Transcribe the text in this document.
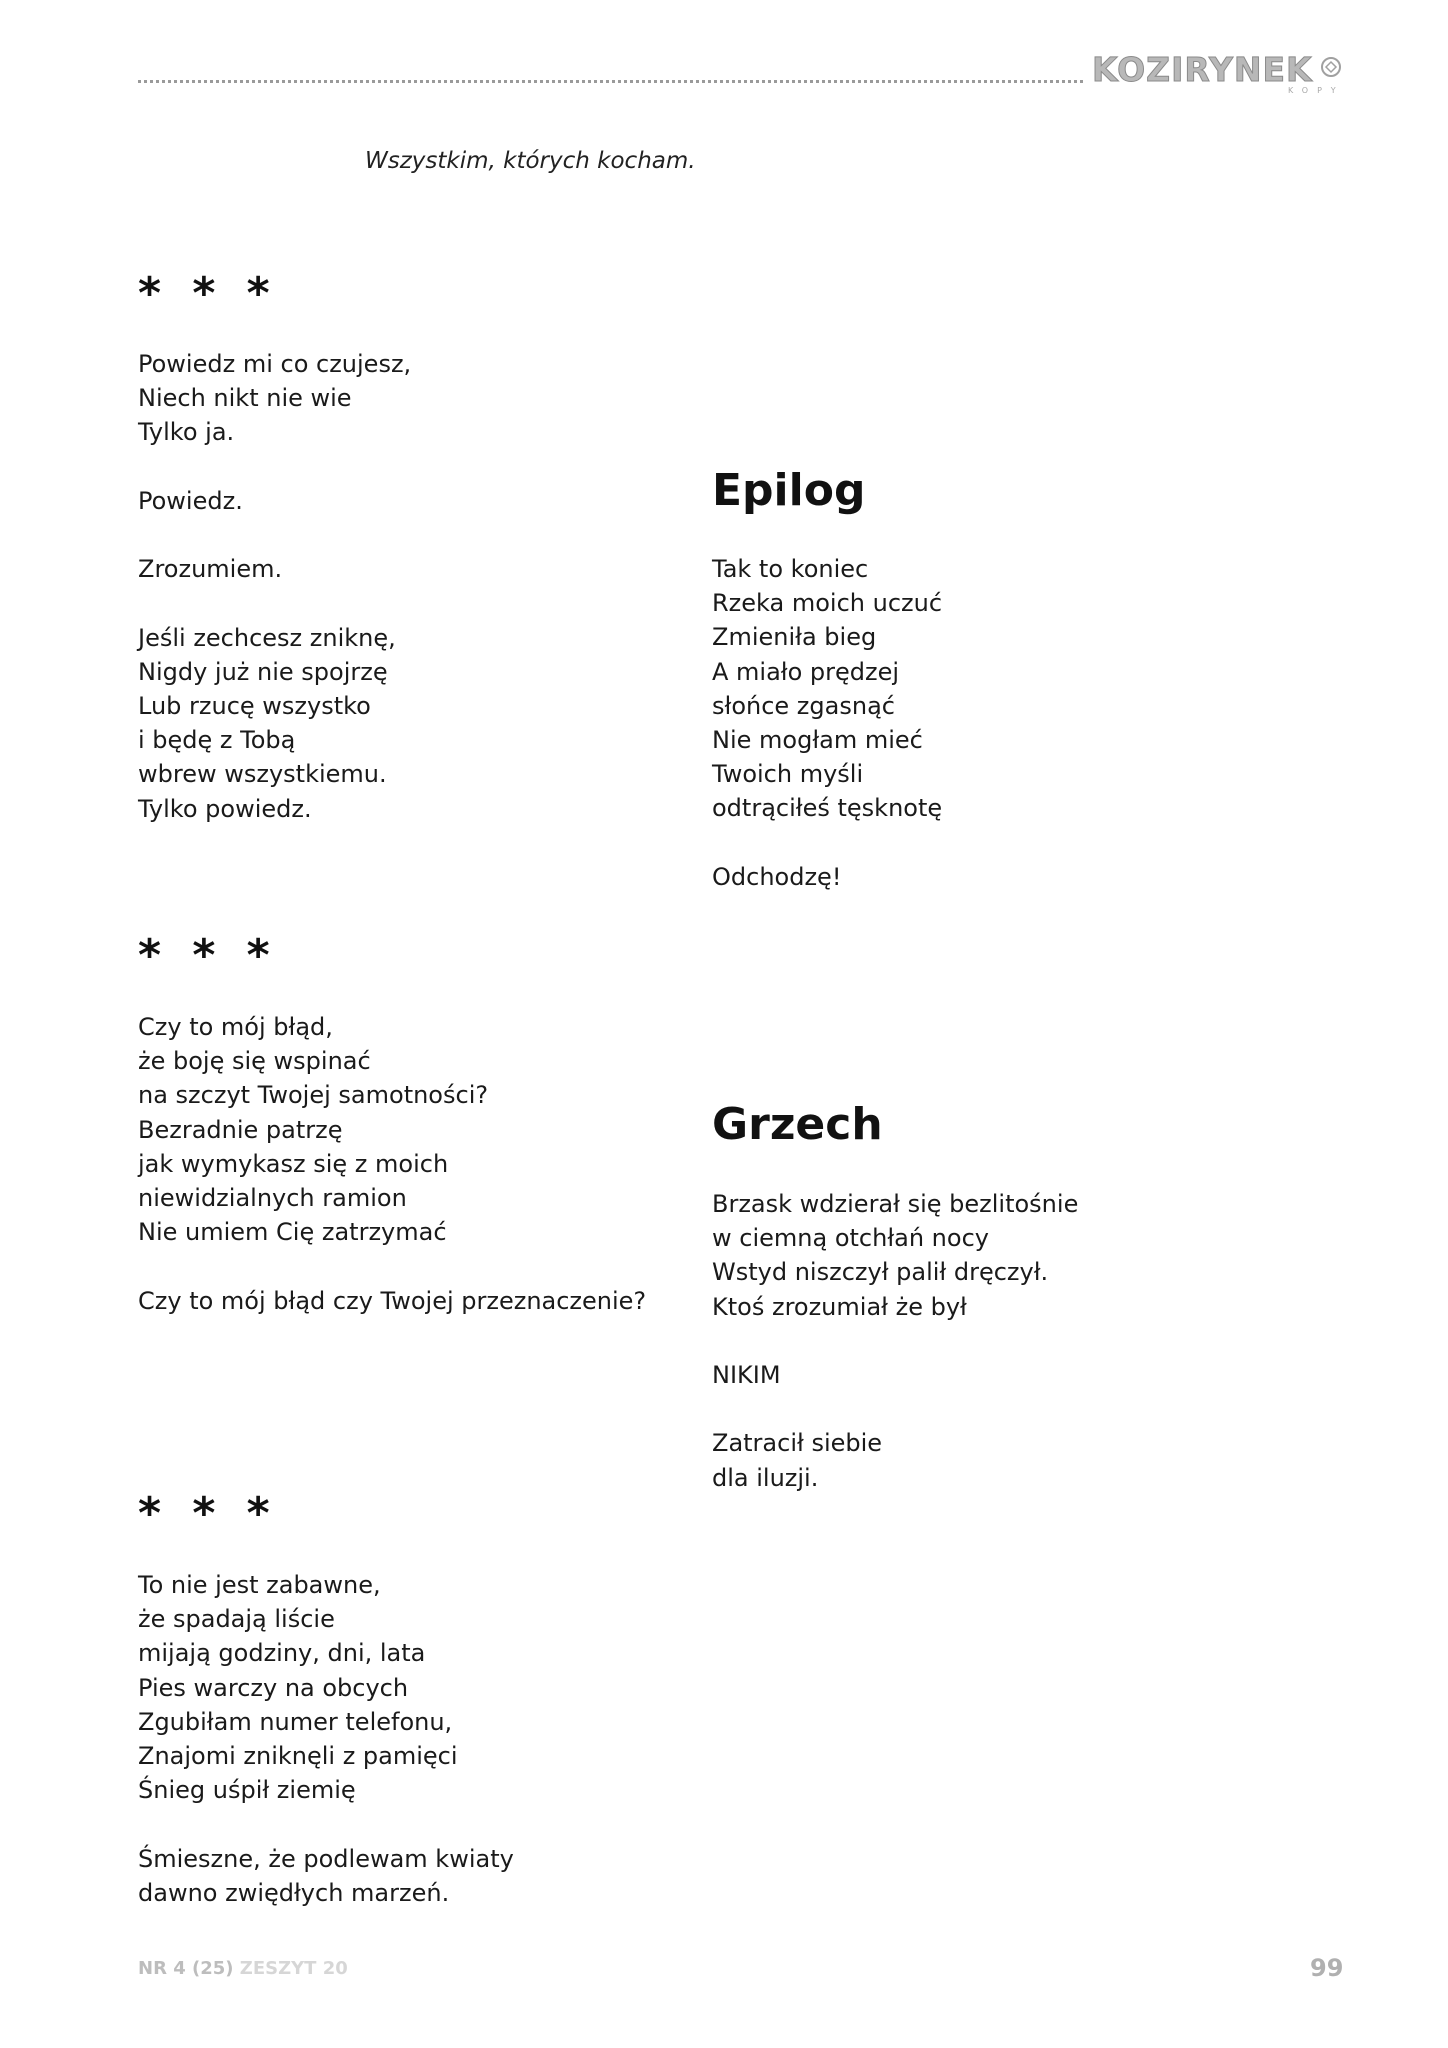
KOZIRYNEK
KOPY
Wszystkim, których kocham.
* * *
Powiedz mi co czujesz,
Niech nikt nie wie
Tylko ja.
Powiedz.
Zrozumiem.
Jeśli zechcesz zniknę,
Nigdy już nie spojrzę
Lub rzucę wszystko
i będę z Tobą
wbrew wszystkiemu.
Tylko powiedz.
* * *
Czy to mój błąd,
że boję się wspinać
na szczyt Twojej samotności?
Bezradnie patrzę
jak wymykasz się z moich
niewidzialnych ramion
Nie umiem Cię zatrzymać
Czy to mój błąd czy Twojej przeznaczenie?
* * *
To nie jest zabawne,
że spadają liście
mijają godziny, dni, lata
Pies warczy na obcych
Zgubiłam numer telefonu,
Znajomi zniknęli z pamięci
Śnieg uśpił ziemię
Śmieszne, że podlewam kwiaty
dawno zwiędłych marzeń.
Epilog
Tak to koniec
Rzeka moich uczuć
Zmieniła bieg
A miało prędzej
słońce zgasnąć
Nie mogłam mieć
Twoich myśli
odtrąciłeś tęsknotę
Odchodzę!
Grzech
Brzask wdzierał się bezlitośnie
w ciemną otchłań nocy
Wstyd niszczył palił dręczył.
Ktoś zrozumiał że był
NIKIM
Zatracił siebie
dla iluzji.
NR 4 (25) ZESZYT 20	99
